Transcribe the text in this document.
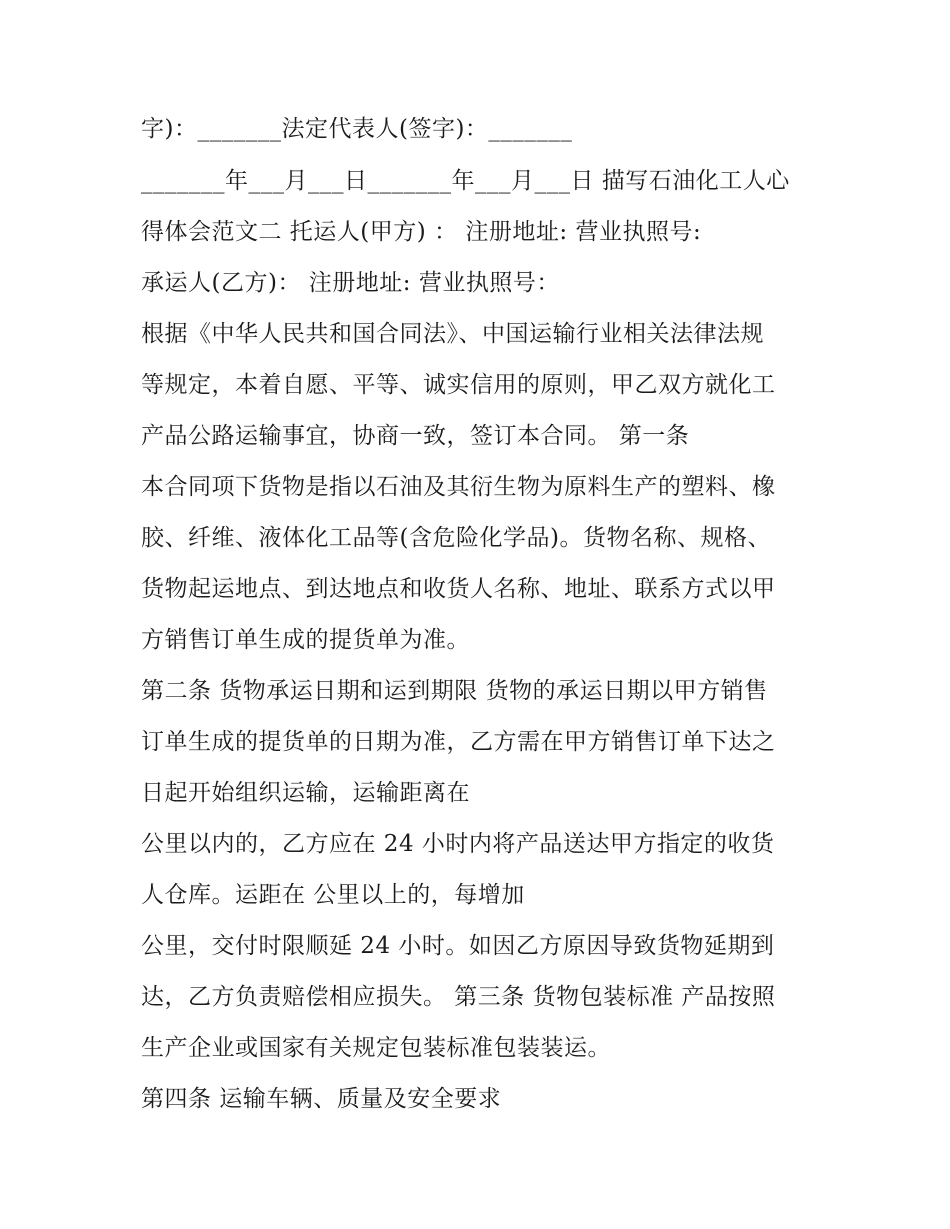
字)：_______法定代表人(签字)：_______
_______年___月___日_______年___月___日 描写石油化工人心
得体会范文二 托运人(甲方) ： 注册地址: 营业执照号:
承运人(乙方)： 注册地址: 营业执照号：
根据《中华人民共和国合同法》、中国运输行业相关法律法规
等规定，本着自愿、平等、诚实信用的原则，甲乙双方就化工
产品公路运输事宜，协商一致，签订本合同。 第一条
本合同项下货物是指以石油及其衍生物为原料生产的塑料、橡
胶、纤维、液体化工品等(含危险化学品)。货物名称、规格、
货物起运地点、到达地点和收货人名称、地址、联系方式以甲
方销售订单生成的提货单为准。
第二条 货物承运日期和运到期限 货物的承运日期以甲方销售
订单生成的提货单的日期为准，乙方需在甲方销售订单下达之
日起开始组织运输，运输距离在
公里以内的，乙方应在 24 小时内将产品送达甲方指定的收货
人仓库。运距在 公里以上的，每增加
公里，交付时限顺延 24 小时。如因乙方原因导致货物延期到
达，乙方负责赔偿相应损失。 第三条 货物包装标准 产品按照
生产企业或国家有关规定包装标准包装装运。
第四条 运输车辆、质量及安全要求
